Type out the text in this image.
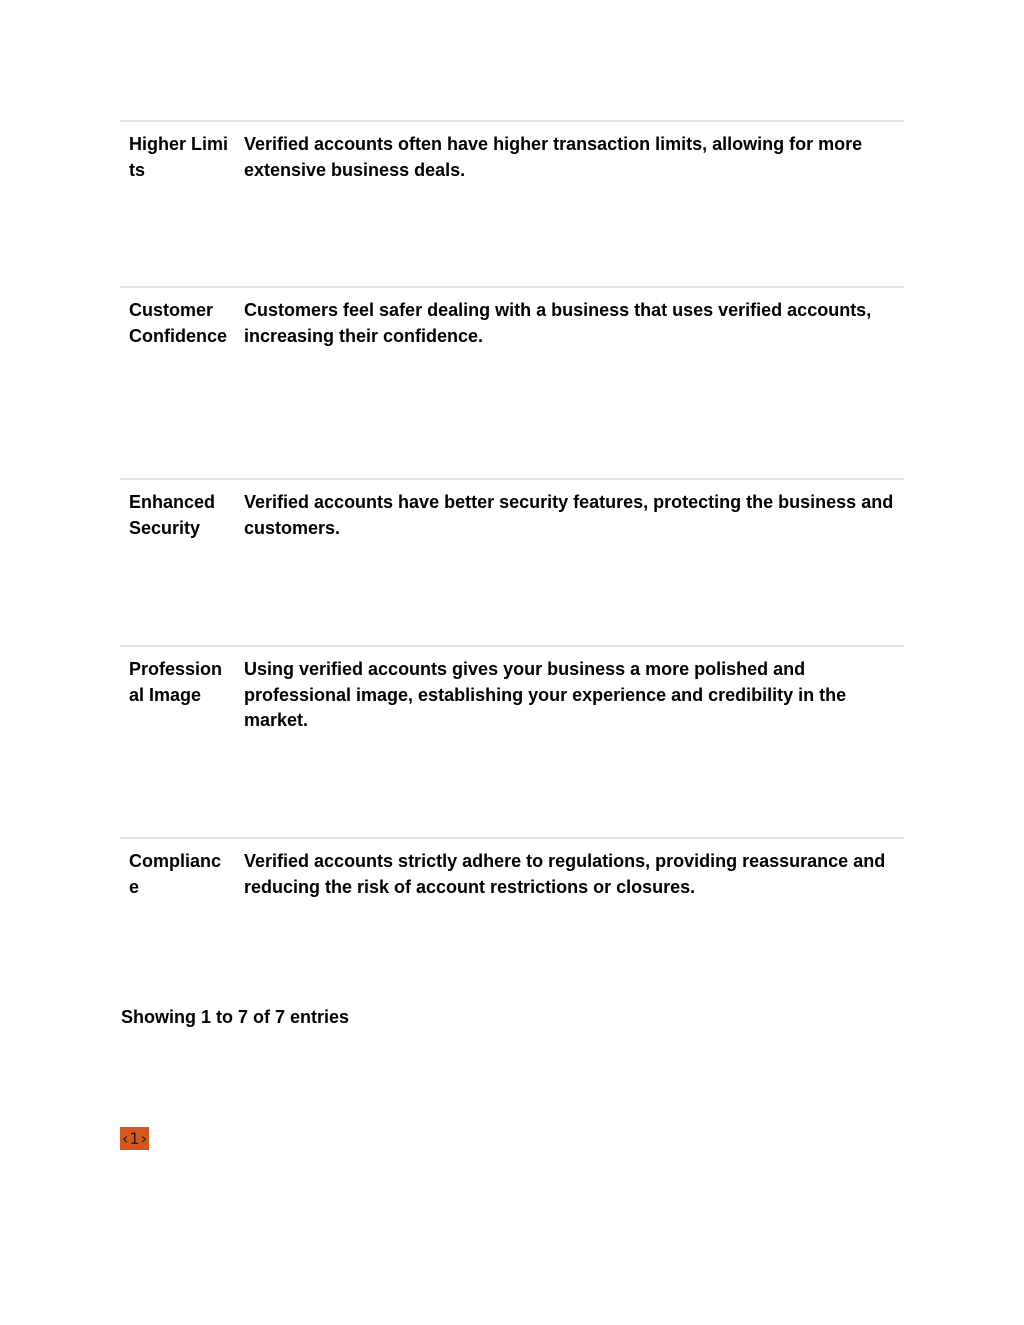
Higher Limits
Verified accounts often have higher transaction limits, allowing for more extensive business deals.
Customer Confidence
Customers feel safer dealing with a business that uses verified accounts, increasing their confidence.
Enhanced Security
Verified accounts have better security features, protecting the business and customers.
Professional Image
Using verified accounts gives your business a more polished and professional image, establishing your experience and credibility in the market.
Compliance
Verified accounts strictly adhere to regulations, providing reassurance and reducing the risk of account restrictions or closures.
Showing 1 to 7 of 7 entries
‹ 1 ›
